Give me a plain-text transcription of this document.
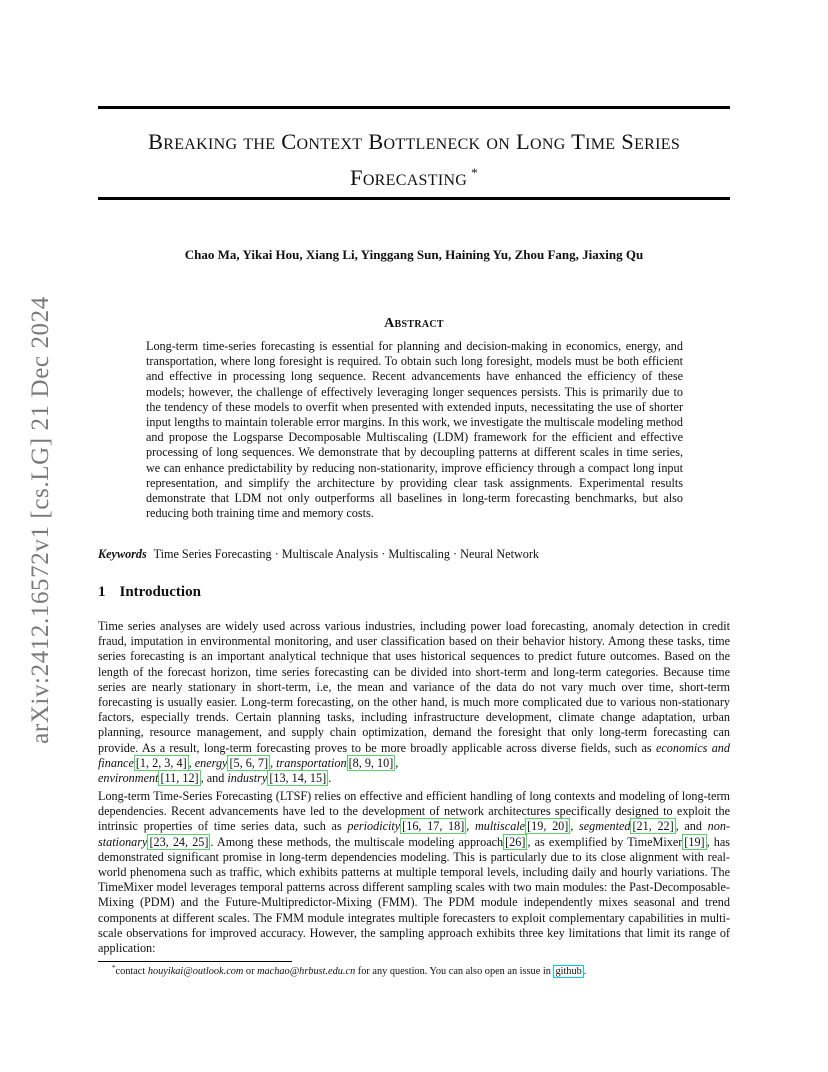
arXiv:2412.16572v1 [cs.LG] 21 Dec 2024
Breaking the Context Bottleneck on Long Time Series
Forecasting *
Chao Ma, Yikai Hou, Xiang Li, Yinggang Sun, Haining Yu, Zhou Fang, Jiaxing Qu
Abstract

Long-term time-series forecasting is essential for planning and decision-making in economics, energy, and transportation, where long foresight is required. To obtain such long foresight, models must be both efficient and effective in processing long sequence. Recent advancements have enhanced the efficiency of these models; however, the challenge of effectively leveraging longer sequences persists. This is primarily due to the tendency of these models to overfit when presented with extended inputs, necessitating the use of shorter input lengths to maintain tolerable error margins. In this work, we investigate the multiscale modeling method and propose the Logsparse Decomposable Multiscaling (LDM) framework for the efficient and effective processing of long sequences. We demonstrate that by decoupling patterns at different scales in time series, we can enhance predictability by reducing non-stationarity, improve efficiency through a compact long input representation, and simplify the architecture by providing clear task assignments. Experimental results demonstrate that LDM not only outperforms all baselines in long-term forecasting benchmarks, but also reducing both training time and memory costs.

Keywords Time Series Forecasting · Multiscale Analysis · Multiscaling · Neural Network

1 Introduction

Time series analyses are widely used across various industries, including power load forecasting, anomaly detection in credit fraud, imputation in environmental monitoring, and user classification based on their behavior history. Among these tasks, time series forecasting is an important analytical technique that uses historical sequences to predict future outcomes. Based on the length of the forecast horizon, time series forecasting can be divided into short-term and long-term categories. Because time series are nearly stationary in short-term, i.e, the mean and variance of the data do not vary much over time, short-term forecasting is usually easier. Long-term forecasting, on the other hand, is much more complicated due to various non-stationary factors, especially trends. Certain planning tasks, including infrastructure development, climate change adaptation, urban planning, resource management, and supply chain optimization, demand the foresight that only long-term forecasting can provide. As a result, long-term forecasting proves to be more broadly applicable across diverse fields, such as economics and finance [1, 2, 3, 4] , energy [5, 6, 7] , transportation [8, 9, 10] ,
environment [11, 12] , and industry [13, 14, 15] .

Long-term Time-Series Forecasting (LTSF) relies on effective and efficient handling of long contexts and modeling of long-term dependencies. Recent advancements have led to the development of network architectures specifically designed to exploit the intrinsic properties of time series data, such as periodicity [16, 17, 18] , multiscale [19, 20] , segmented [21, 22] , and non-stationary [23, 24, 25] . Among these methods, the multiscale modeling approach [26] , as exemplified by TimeMixer [19] , has demonstrated significant promise in long-term dependencies modeling. This is particularly due to its close alignment with real-world phenomena such as traffic, which exhibits patterns at multiple temporal levels, including daily and hourly variations. The TimeMixer model leverages temporal patterns across different sampling scales with two main modules: the Past-Decomposable-Mixing (PDM) and the Future-Multipredictor-Mixing (FMM). The PDM module independently mixes seasonal and trend components at different scales. The FMM module integrates multiple forecasters to exploit complementary capabilities in multi-scale observations for improved accuracy. However, the sampling approach exhibits three key limitations that limit its range of application:

*contact houyikai@outlook.com or machao@hrbust.edu.cn for any question. You can also open an issue in github .
